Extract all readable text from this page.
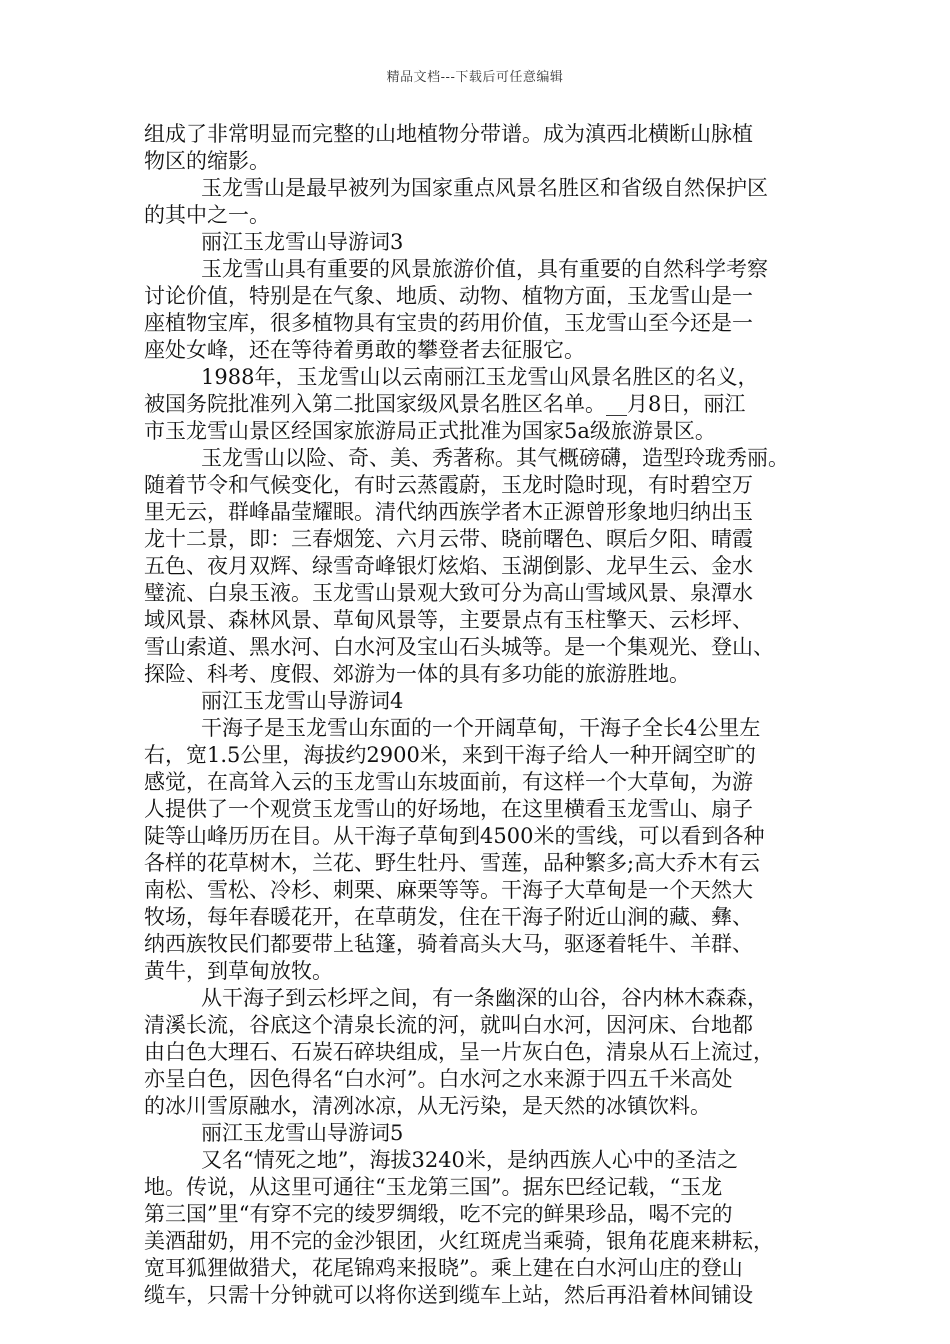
精品文档---下载后可任意编辑
组成了非常明显而完整的山地植物分带谱。成为滇西北横断山脉植
物区的缩影。
玉龙雪山是最早被列为国家重点风景名胜区和省级自然保护区
的其中之一。
丽江玉龙雪山导游词3
玉龙雪山具有重要的风景旅游价值，具有重要的自然科学考察
讨论价值，特别是在气象、地质、动物、植物方面，玉龙雪山是一
座植物宝库，很多植物具有宝贵的药用价值，玉龙雪山至今还是一
座处女峰，还在等待着勇敢的攀登者去征服它。
1988年，玉龙雪山以云南丽江玉龙雪山风景名胜区的名义，
被国务院批准列入第二批国家级风景名胜区名单。__月8日，丽江
市玉龙雪山景区经国家旅游局正式批准为国家5a级旅游景区。
玉龙雪山以险、奇、美、秀著称。其气概磅礴，造型玲珑秀丽。
随着节令和气候变化，有时云蒸霞蔚，玉龙时隐时现，有时碧空万
里无云，群峰晶莹耀眼。清代纳西族学者木正源曾形象地归纳出玉
龙十二景，即：三春烟笼、六月云带、晓前曙色、暝后夕阳、晴霞
五色、夜月双辉、绿雪奇峰银灯炫焰、玉湖倒影、龙早生云、金水
璧流、白泉玉液。玉龙雪山景观大致可分为高山雪域风景、泉潭水
域风景、森林风景、草甸风景等，主要景点有玉柱擎天、云杉坪、
雪山索道、黑水河、白水河及宝山石头城等。是一个集观光、登山、
探险、科考、度假、郊游为一体的具有多功能的旅游胜地。
丽江玉龙雪山导游词4
干海子是玉龙雪山东面的一个开阔草甸，干海子全长4公里左
右，宽1.5公里，海拔约2900米，来到干海子给人一种开阔空旷的
感觉，在高耸入云的玉龙雪山东坡面前，有这样一个大草甸，为游
人提供了一个观赏玉龙雪山的好场地，在这里横看玉龙雪山、扇子
陡等山峰历历在目。从干海子草甸到4500米的雪线，可以看到各种
各样的花草树木，兰花、野生牡丹、雪莲，品种繁多;高大乔木有云
南松、雪松、冷杉、刺栗、麻栗等等。干海子大草甸是一个天然大
牧场，每年春暖花开，在草萌发，住在干海子附近山涧的藏、彝、
纳西族牧民们都要带上毡篷，骑着高头大马，驱逐着牦牛、羊群、
黄牛，到草甸放牧。
从干海子到云杉坪之间，有一条幽深的山谷，谷内林木森森，
清溪长流，谷底这个清泉长流的河，就叫白水河，因河床、台地都
由白色大理石、石炭石碎块组成，呈一片灰白色，清泉从石上流过，
亦呈白色，因色得名“白水河”。白水河之水来源于四五千米高处
的冰川雪原融水，清冽冰凉，从无污染，是天然的冰镇饮料。
丽江玉龙雪山导游词5
又名“情死之地”，海拔3240米，是纳西族人心中的圣洁之
地。传说，从这里可通往“玉龙第三国”。据东巴经记载，“玉龙
第三国”里“有穿不完的绫罗绸缎，吃不完的鲜果珍品，喝不完的
美酒甜奶，用不完的金沙银团，火红斑虎当乘骑，银角花鹿来耕耘，
宽耳狐狸做猎犬，花尾锦鸡来报晓”。乘上建在白水河山庄的登山
缆车，只需十分钟就可以将你送到缆车上站，然后再沿着林间铺设
